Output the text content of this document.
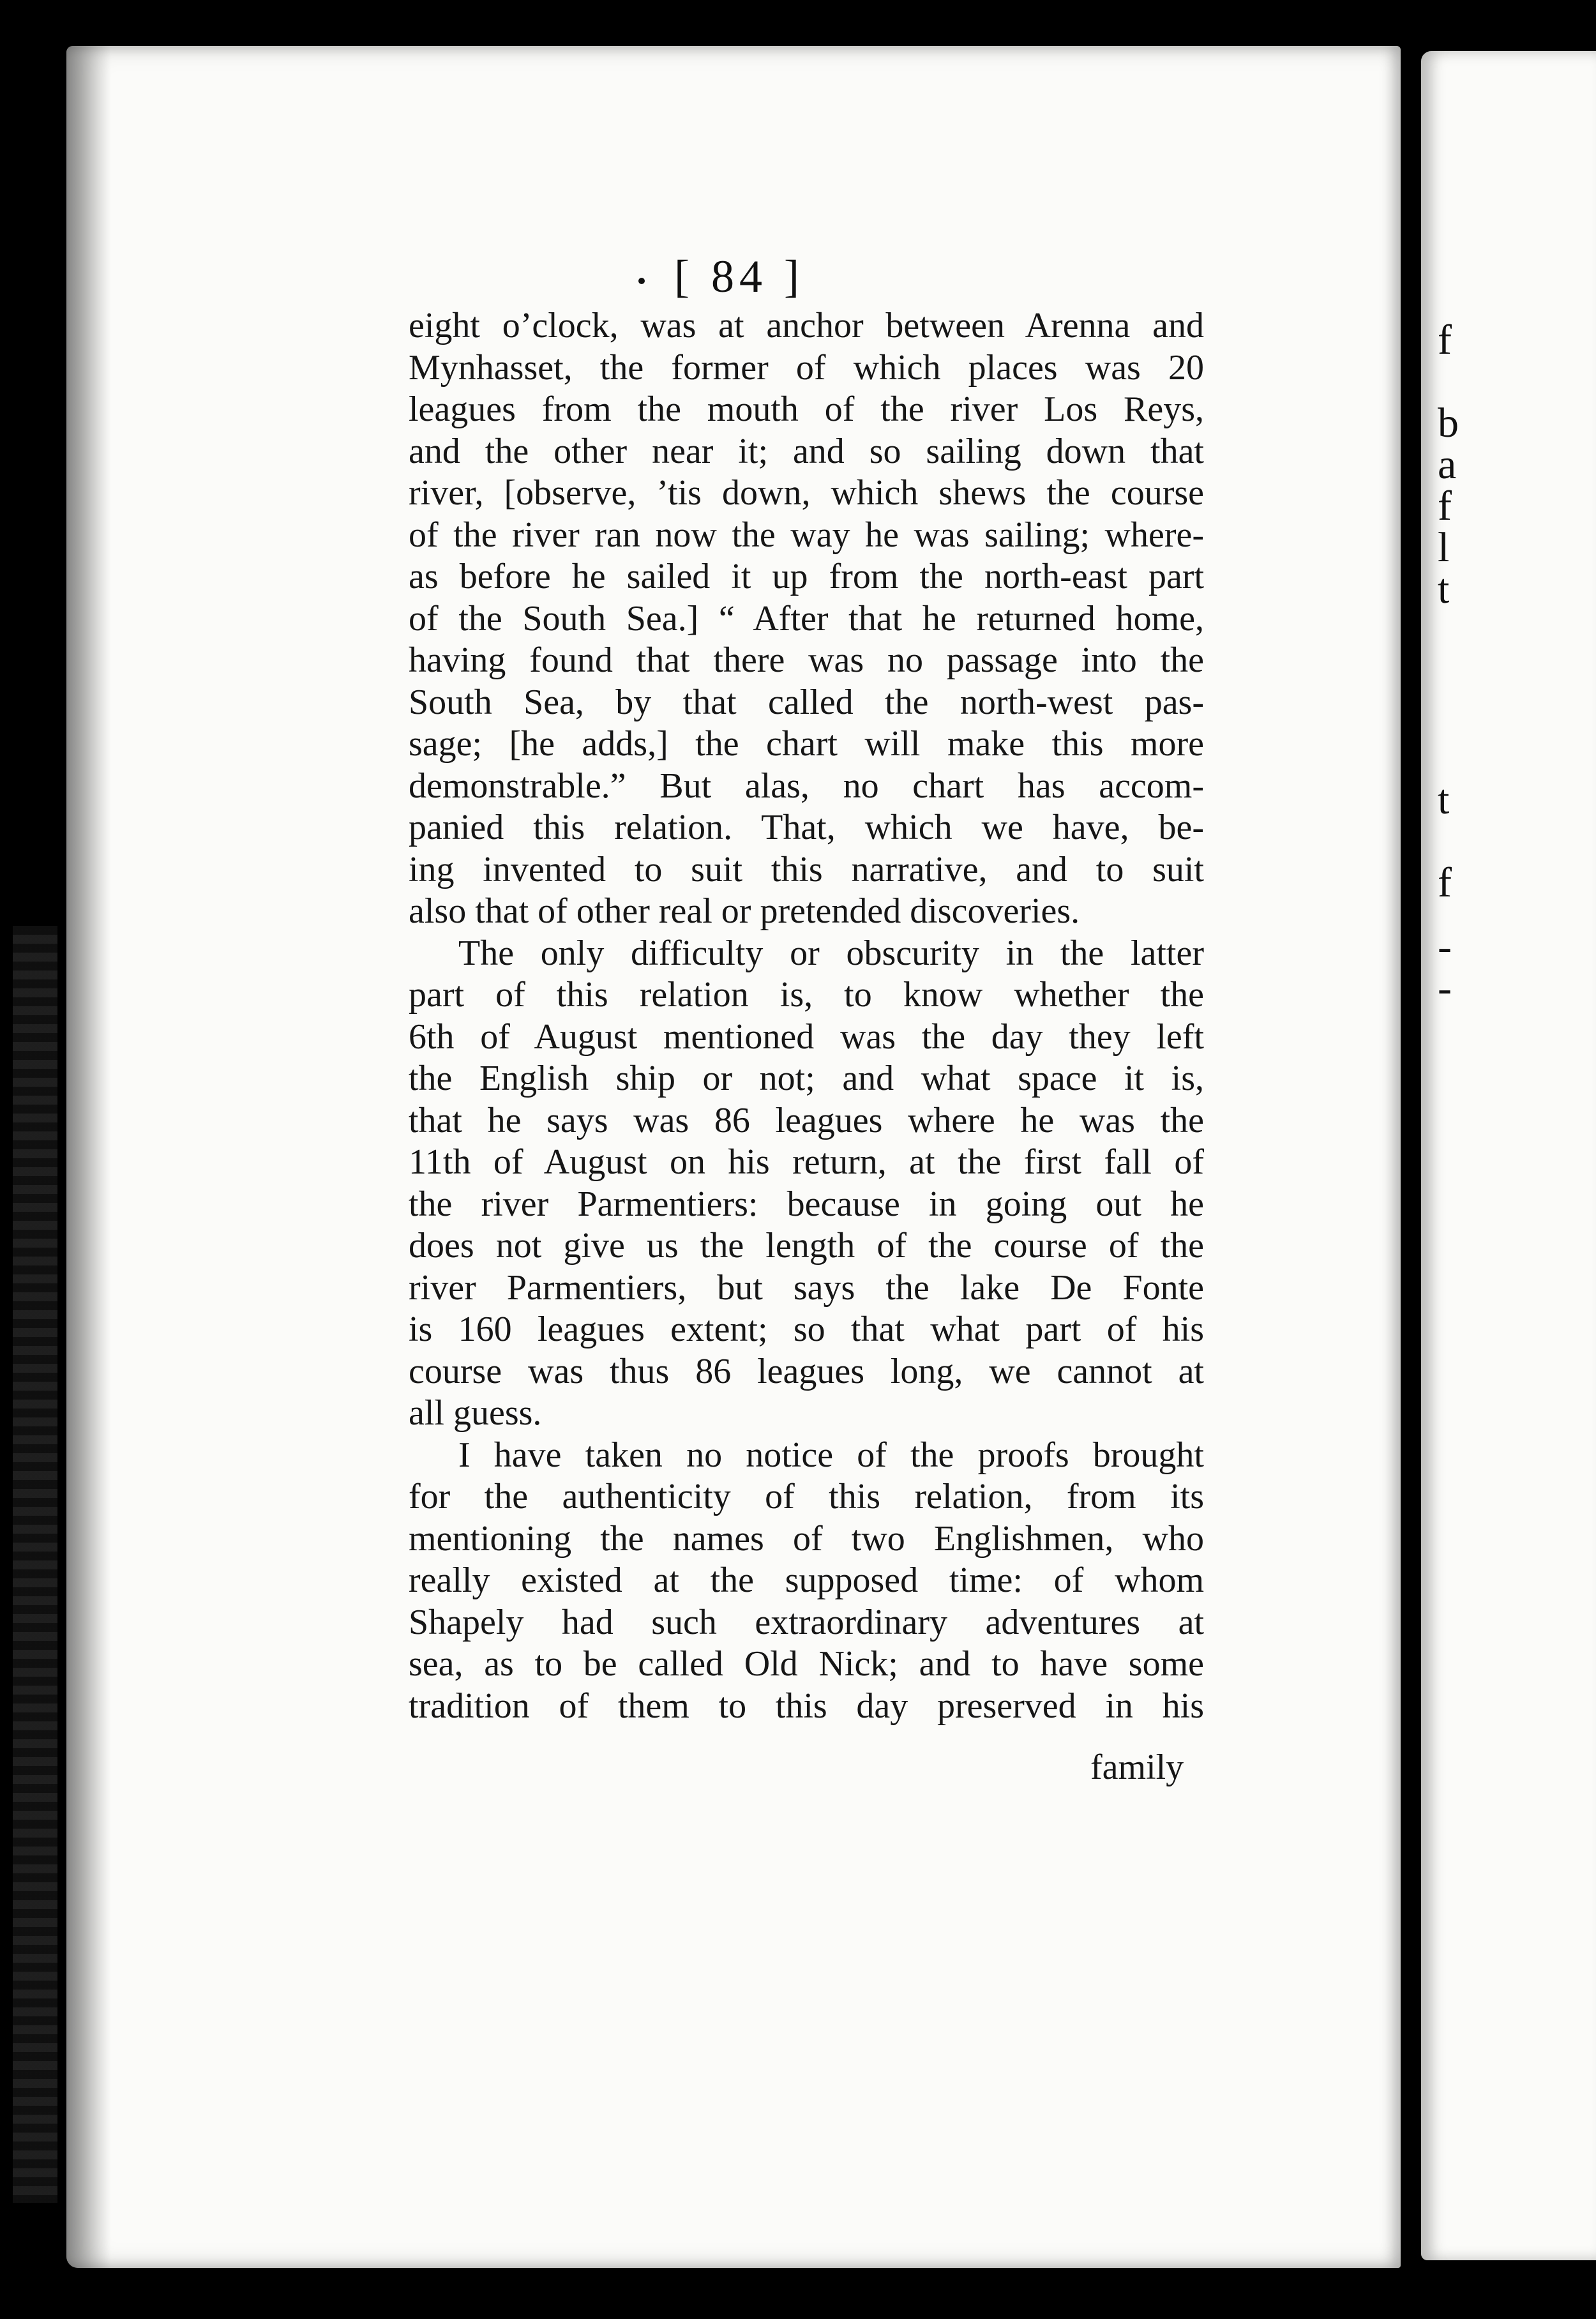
[ 84 ]
eight o’clock, was at anchor between Arenna and
Mynhasset, the former of which places was 20
leagues from the mouth of the river Los Reys,
and the other near it; and so sailing down that
river, [observe, ’tis down, which shews the course
of the river ran now the way he was sailing; where-
as before he sailed it up from the north-east part
of the South Sea.] “ After that he returned home,
having found that there was no passage into the
South Sea, by that called the north-west pas-
sage; [he adds,] the chart will make this more
demonstrable.” But alas, no chart has accom-
panied this relation. That, which we have, be-
ing invented to suit this narrative, and to suit
also that of other real or pretended discoveries.
The only difficulty or obscurity in the latter
part of this relation is, to know whether the
6th of August mentioned was the day they left
the English ship or not; and what space it is,
that he says was 86 leagues where he was the
11th of August on his return, at the first fall of
the river Parmentiers: because in going out he
does not give us the length of the course of the
river Parmentiers, but says the lake De Fonte
is 160 leagues extent; so that what part of his
course was thus 86 leagues long, we cannot at
all guess.
I have taken no notice of the proofs brought
for the authenticity of this relation, from its
mentioning the names of two Englishmen, who
really existed at the supposed time: of whom
Shapely had such extraordinary adventures at
sea, as to be called Old Nick; and to have some
tradition of them to this day preserved in his
family
f
b
a
f
l
t
t
f
-
-
